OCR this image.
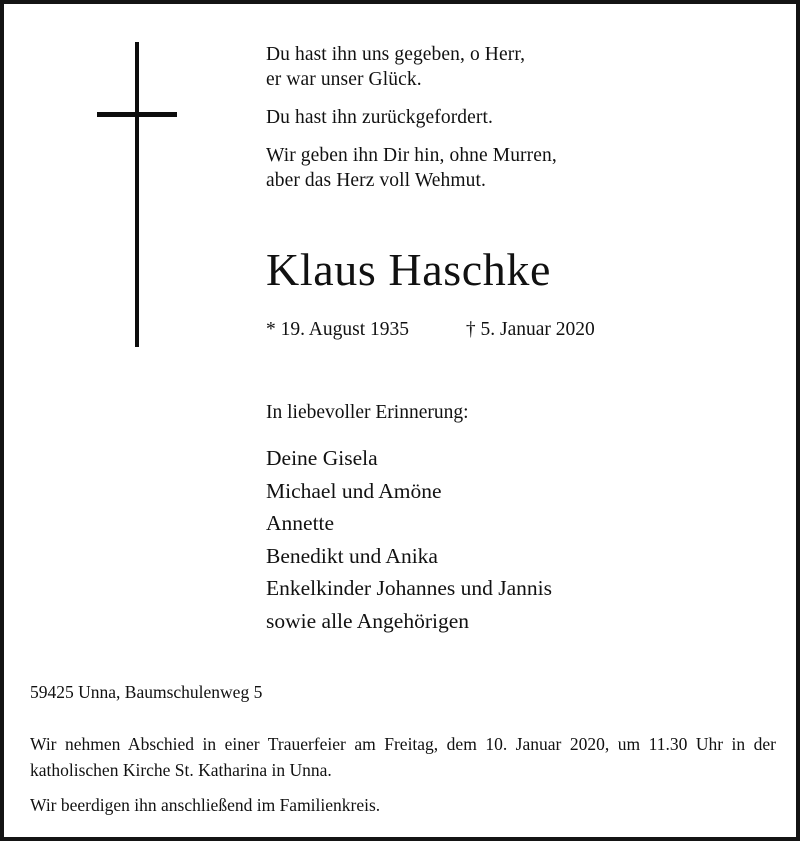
Du hast ihn uns gegeben, o Herr,
er war unser Glück.

Du hast ihn zurückgefordert.

Wir geben ihn Dir hin, ohne Murren,
aber das Herz voll Wehmut.

Klaus Haschke
* 19. August 1935	† 5. Januar 2020
In liebevoller Erinnerung:
Deine Gisela
Michael und Amöne
Annette
Benedikt und Anika
Enkelkinder Johannes und Jannis
sowie alle Angehörigen
59425 Unna, Baumschulenweg 5
Wir nehmen Abschied in einer Trauerfeier am Freitag, dem 10. Januar 2020, um 11.30 Uhr in der katholischen Kirche St. Katharina in Unna.
Wir beerdigen ihn anschließend im Familienkreis.
